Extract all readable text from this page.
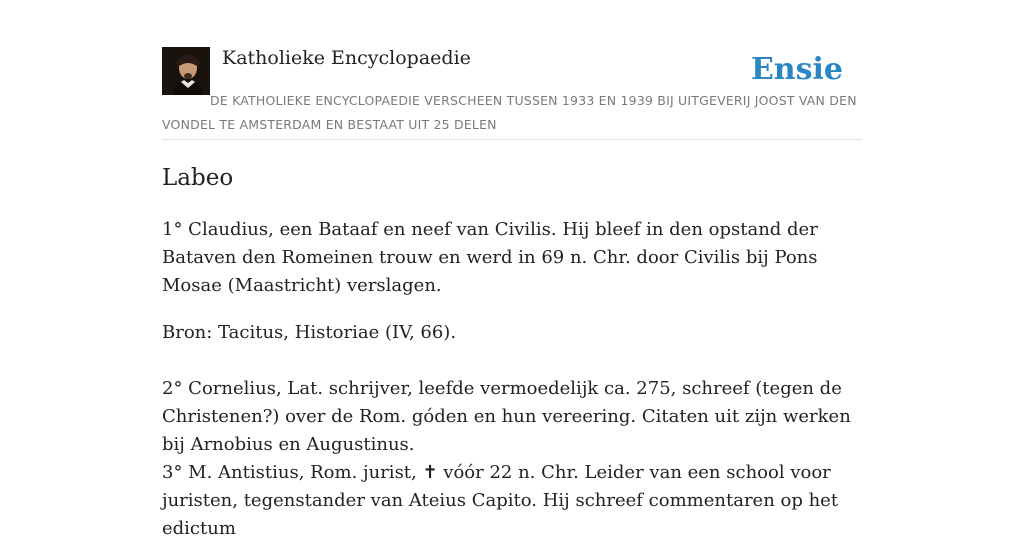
Katholieke Encyclopaedie	Ensie
DE KATHOLIEKE ENCYCLOPAEDIE VERSCHEEN TUSSEN 1933 EN 1939 BIJ UITGEVERIJ JOOST VAN DEN VONDEL TE AMSTERDAM EN BESTAAT UIT 25 DELEN
Labeo

1° Claudius, een Bataaf en neef van Civilis. Hij bleef in den opstand der Bataven den Romeinen trouw en werd in 69 n. Chr. door Civilis bij Pons Mosae (Maastricht) verslagen.

Bron: Tacitus, Historiae (IV, 66).

2° Cornelius, Lat. schrijver, leefde vermoedelijk ca. 275, schreef (tegen de Christenen?) over de Rom. góden en hun vereering. Citaten uit zijn werken bij Arnobius en Augustinus.

3° M. Antistius, Rom. jurist, ✝ vóór 22 n. Chr. Leider van een school voor juristen, tegenstander van Ateius Capito. Hij schreef commentaren op het edictum
